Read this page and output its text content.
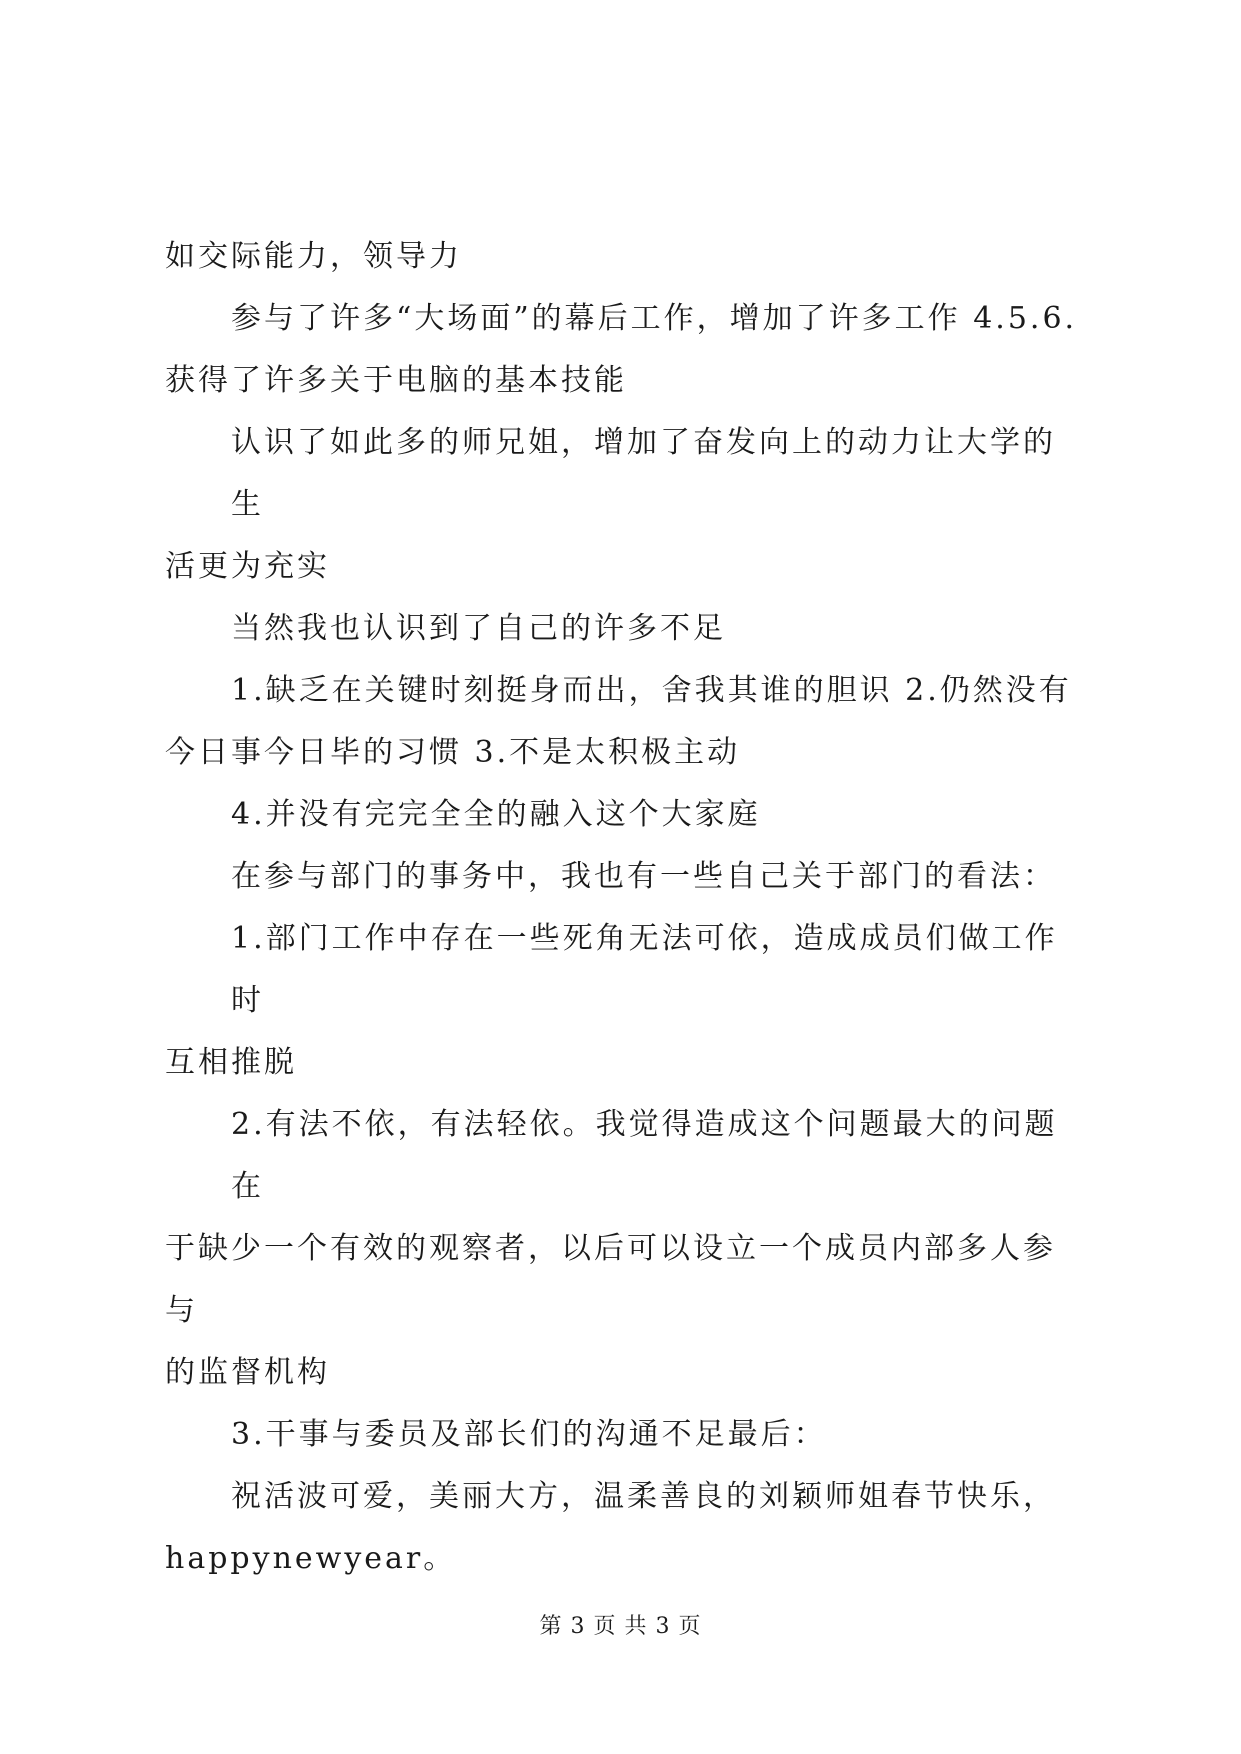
如交际能力，领导力

参与了许多“大场面”的幕后工作，增加了许多工作 4.5.6.

获得了许多关于电脑的基本技能

认识了如此多的师兄姐，增加了奋发向上的动力让大学的生

活更为充实

当然我也认识到了自己的许多不足

1.缺乏在关键时刻挺身而出，舍我其谁的胆识 2.仍然没有

今日事今日毕的习惯 3.不是太积极主动

4.并没有完完全全的融入这个大家庭

在参与部门的事务中，我也有一些自己关于部门的看法：

1.部门工作中存在一些死角无法可依，造成成员们做工作时

互相推脱

2.有法不依，有法轻依。我觉得造成这个问题最大的问题在

于缺少一个有效的观察者，以后可以设立一个成员内部多人参与

的监督机构

3.干事与委员及部长们的沟通不足最后：

祝活波可爱，美丽大方，温柔善良的刘颖师姐春节快乐，

happynewyear。

第 3 页 共 3 页
